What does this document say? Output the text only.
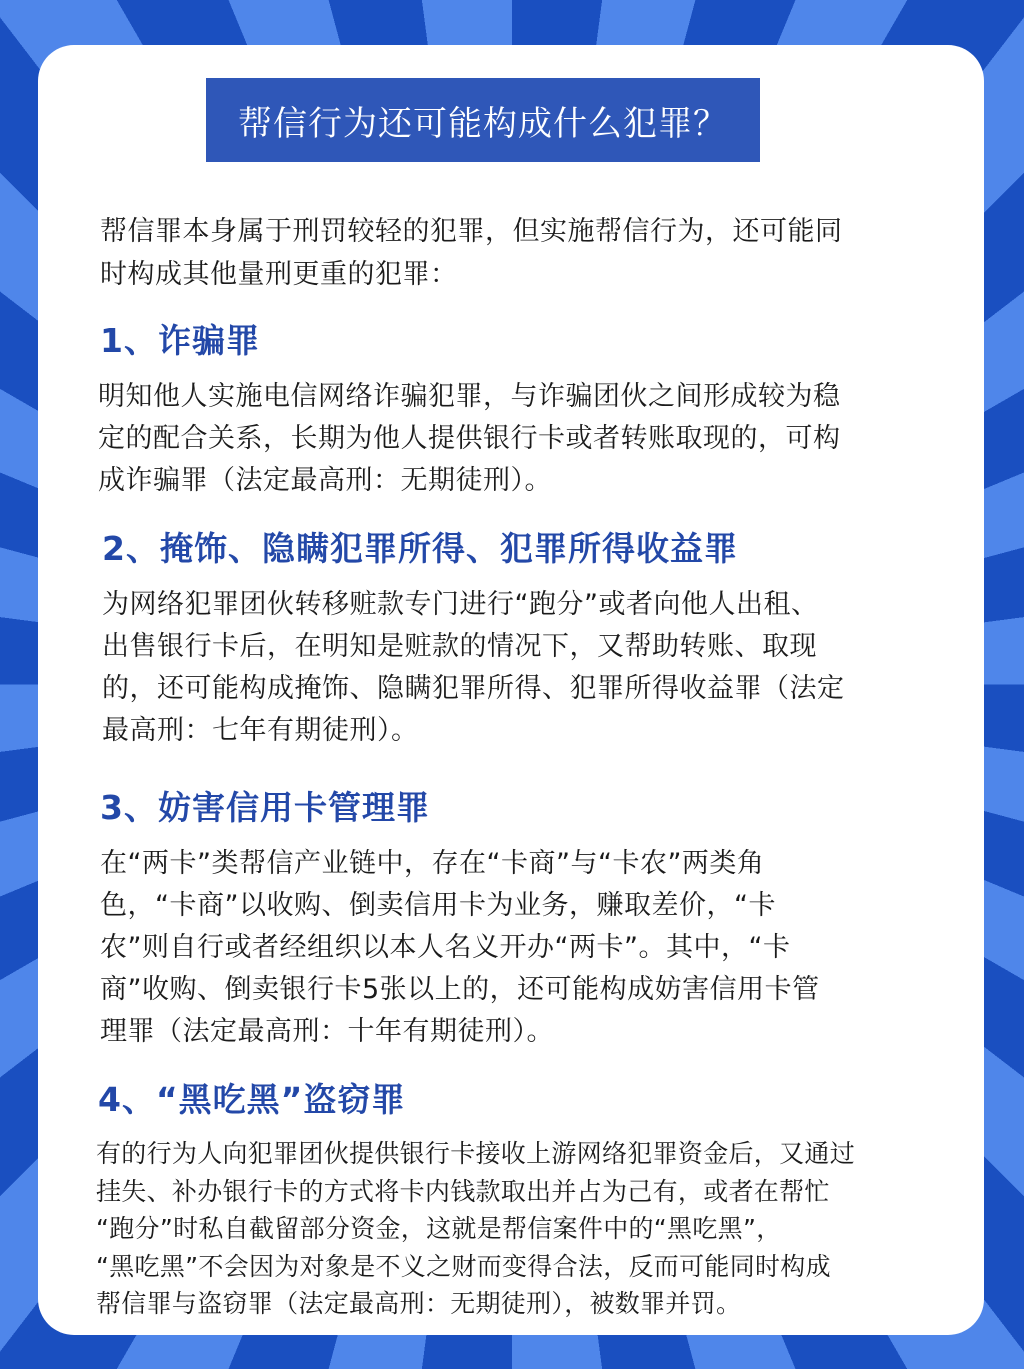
帮信行为还可能构成什么犯罪？
帮信罪本身属于刑罚较轻的犯罪，但实施帮信行为，还可能同
时构成其他量刑更重的犯罪：
1、诈骗罪
明知他人实施电信网络诈骗犯罪，与诈骗团伙之间形成较为稳
定的配合关系，长期为他人提供银行卡或者转账取现的，可构
成诈骗罪（法定最高刑：无期徒刑）。
2、掩饰、隐瞒犯罪所得、犯罪所得收益罪
为网络犯罪团伙转移赃款专门进行“跑分”或者向他人出租、
出售银行卡后，在明知是赃款的情况下，又帮助转账、取现
的，还可能构成掩饰、隐瞒犯罪所得、犯罪所得收益罪（法定
最高刑：七年有期徒刑）。
3、妨害信用卡管理罪
在“两卡”类帮信产业链中，存在“卡商”与“卡农”两类角
色，“卡商”以收购、倒卖信用卡为业务，赚取差价，“卡
农”则自行或者经组织以本人名义开办“两卡”。其中，“卡
商”收购、倒卖银行卡5张以上的，还可能构成妨害信用卡管
理罪（法定最高刑：十年有期徒刑）。
4、“黑吃黑”盗窃罪
有的行为人向犯罪团伙提供银行卡接收上游网络犯罪资金后，又通过
挂失、补办银行卡的方式将卡内钱款取出并占为己有，或者在帮忙
“跑分”时私自截留部分资金，这就是帮信案件中的“黑吃黑”，
“黑吃黑”不会因为对象是不义之财而变得合法，反而可能同时构成
帮信罪与盗窃罪（法定最高刑：无期徒刑），被数罪并罚。
